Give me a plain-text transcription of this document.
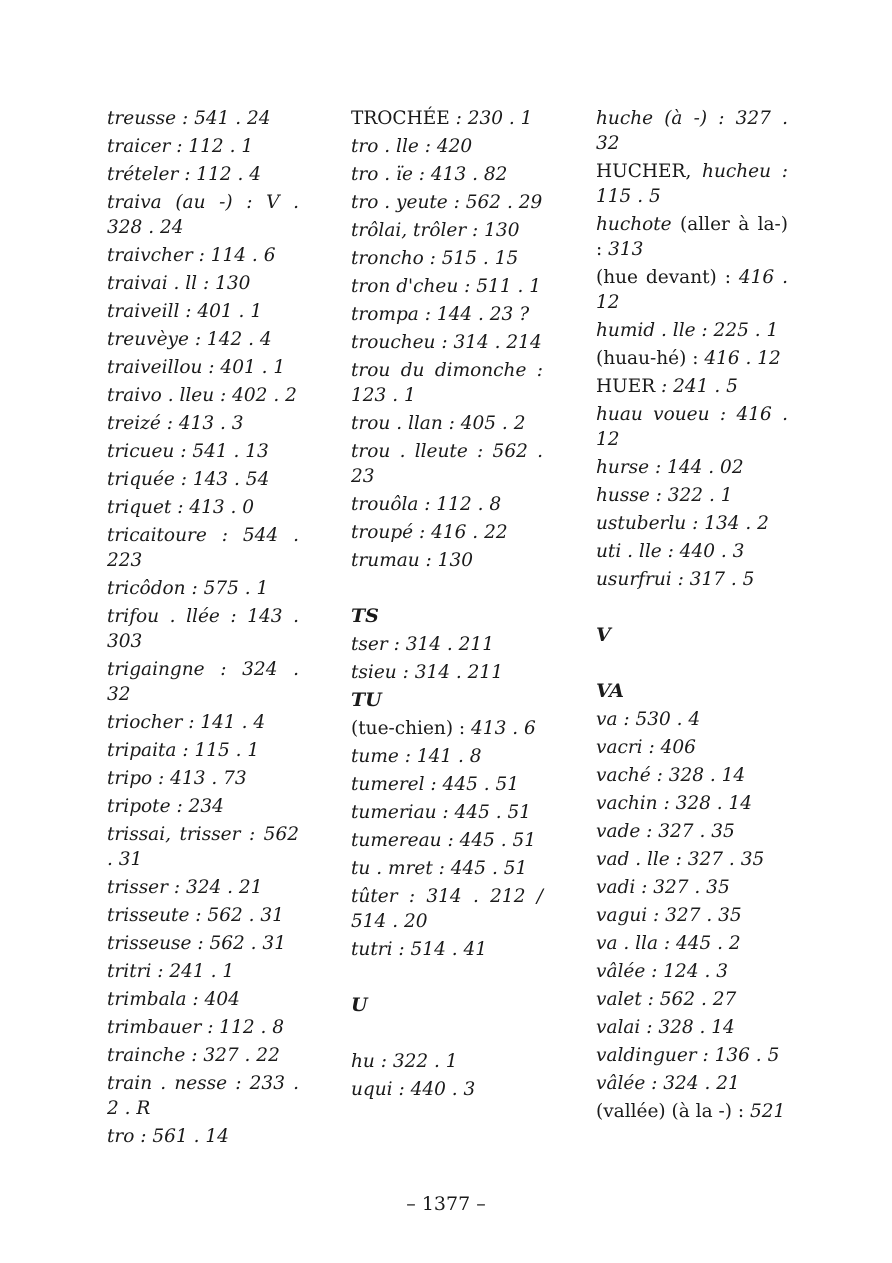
treusse : 541 . 24
traicer : 112 . 1
trételer : 112 . 4
traiva (au -) : V . 328 . 24
traivcher : 114 . 6
traivai . ll : 130
traiveill : 401 . 1
treuvèye : 142 . 4
traiveillou : 401 . 1
traivo . lleu : 402 . 2
treizé : 413 . 3
tricueu : 541 . 13
triquée : 143 . 54
triquet : 413 . 0
tricaitoure : 544 . 223
tricôdon : 575 . 1
trifou . llée : 143 . 303
trigaingne : 324 . 32
triocher : 141 . 4
tripaita : 115 . 1
tripo : 413 . 73
tripote : 234
trissai, trisser : 562 . 31
trisser : 324 . 21
trisseute : 562 . 31
trisseuse : 562 . 31
tritri : 241 . 1
trimbala : 404
trimbauer : 112 . 8
trainche : 327 . 22
train . nesse : 233 . 2 . R
tro : 561 . 14
TROCHÉE : 230 . 1
tro . lle : 420
tro . ïe : 413 . 82
tro . yeute : 562 . 29
trôlai, trôler : 130
troncho : 515 . 15
tron d'cheu : 511 . 1
trompa : 144 . 23 ?
troucheu : 314 . 214
trou du dimonche : 123 . 1
trou . llan : 405 . 2
trou . lleute : 562 . 23
trouôla : 112 . 8
troupé : 416 . 22
trumau : 130
TS
tser : 314 . 211
tsieu : 314 . 211
TU
(tue-chien) : 413 . 6
tume : 141 . 8
tumerel : 445 . 51
tumeriau : 445 . 51
tumereau : 445 . 51
tu . mret : 445 . 51
tûter : 314 . 212 / 514 . 20
tutri : 514 . 41
U
hu : 322 . 1
uqui : 440 . 3
huche (à -) : 327 . 32
HUCHER, hucheu : 115 . 5
huchote (aller à la-) : 313
(hue devant) : 416 . 12
humid . lle : 225 . 1
(huau-hé) : 416 . 12
HUER : 241 . 5
huau voueu : 416 . 12
hurse : 144 . 02
husse : 322 . 1
ustuberlu : 134 . 2
uti . lle : 440 . 3
usurfrui : 317 . 5
V
VA
va : 530 . 4
vacri : 406
vaché : 328 . 14
vachin : 328 . 14
vade : 327 . 35
vad . lle : 327 . 35
vadi : 327 . 35
vagui : 327 . 35
va . lla : 445 . 2
vâlée : 124 . 3
valet : 562 . 27
valai : 328 . 14
valdinguer : 136 . 5
vâlée : 324 . 21
(vallée) (à la -) : 521
– 1377 –
